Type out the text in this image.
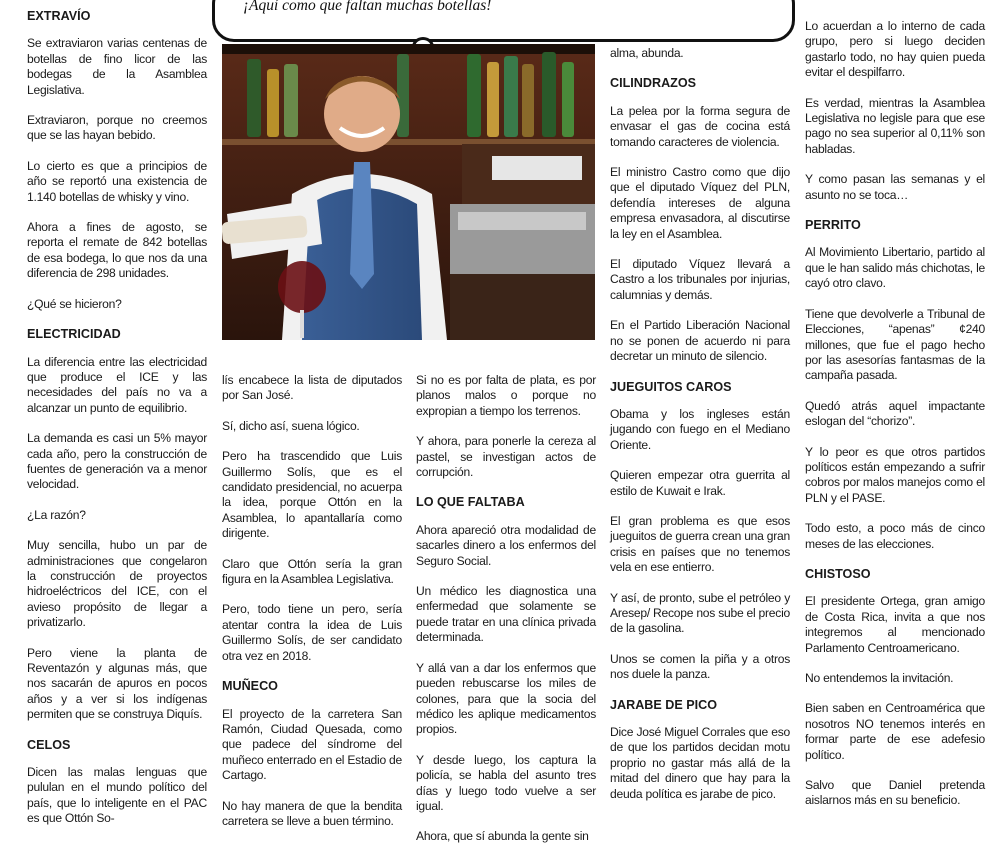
¡Aquí como que faltan muchas botellas!
EXTRAVÍO

Se extraviaron varias centenas de botellas de fino licor de las bodegas de la Asamblea Legislativa.

Extraviaron, porque no creemos que se las hayan bebido.

Lo cierto es que a principios de año se reportó una existencia de 1.140 botellas de whisky y vino.

Ahora a fines de agosto, se reporta el remate de 842 botellas de esa bodega, lo que nos da una diferencia de 298 unidades.

¿Qué se hicieron?

ELECTRICIDAD

La diferencia entre las electricidad que produce el ICE y las necesidades del país no va a alcanzar un punto de equilibrio.

La demanda es casi un 5% mayor cada año, pero la construcción de fuentes de generación va a menor velocidad.

¿La razón?

Muy sencilla, hubo un par de administraciones que congelaron la construcción de proyectos hidroeléctricos del ICE, con el avieso propósito de llegar a privatizarlo.

Pero viene la planta de Reventazón y algunas más, que nos sacarán de apuros en pocos años y a ver si los indígenas permiten que se construya Diquís.

CELOS

Dicen las malas lenguas que pululan en el mundo político del país, que lo inteligente en el PAC es que Ottón So-

lís encabece la lista de diputados por San José.

Sí, dicho así, suena lógico.

Pero ha trascendido que Luis Guillermo Solís, que es el candidato presidencial, no acuerpa la idea, porque Ottón en la Asamblea, lo apantallaría como dirigente.

Claro que Ottón sería la gran figura en la Asamblea Legislativa.

Pero, todo tiene un pero, sería atentar contra la idea de Luis Guillermo Solís, de ser candidato otra vez en 2018.

MUÑECO

El proyecto de la carretera San Ramón, Ciudad Quesada, como que padece del síndrome del muñeco enterrado en el Estadio de Cartago.

No hay manera de que la bendita carretera se lleve a buen término.

Si no es por falta de plata, es por planos malos o porque no expropian a tiempo los terrenos.

Y ahora, para ponerle la cereza al pastel, se investigan actos de corrupción.

LO QUE FALTABA

Ahora apareció otra modalidad de sacarles dinero a los enfermos del Seguro Social.

Un médico les diagnostica una enfermedad que solamente se puede tratar en una clínica privada determinada.

Y allá van a dar los enfermos que pueden rebuscarse los miles de colones, para que la socia del médico les aplique medicamentos propios.

Y desde luego, los captura la policía, se habla del asunto tres días y luego todo vuelve a ser igual.

Ahora, que sí abunda la gente sin

alma, abunda.

CILINDRAZOS

La pelea por la forma segura de envasar el gas de cocina está tomando caracteres de violencia.

El ministro Castro como que dijo que el diputado Víquez del PLN, defendía intereses de alguna empresa envasadora, al discutirse la ley en el Asamblea.

El diputado Víquez llevará a Castro a los tribunales por injurias, calumnias y demás.

En el Partido Liberación Nacional no se ponen de acuerdo ni para decretar un minuto de silencio.

JUEGUITOS CAROS

Obama y los ingleses están jugando con fuego en el Mediano Oriente.

Quieren empezar otra guerrita al estilo de Kuwait e Irak.

El gran problema es que esos jueguitos de guerra crean una gran crisis en países que no tenemos vela en ese entierro.

Y así, de pronto, sube el petróleo y Aresep/ Recope nos sube el precio de la gasolina.

Unos se comen la piña y a otros nos duele la panza.

JARABE DE PICO

Dice José Miguel Corrales que eso de que los partidos decidan motu proprio no gastar más allá de la mitad del dinero que hay para la deuda política es jarabe de pico.

Lo acuerdan a lo interno de cada grupo, pero si luego deciden gastarlo todo, no hay quien pueda evitar el despilfarro.

Es verdad, mientras la Asamblea Legislativa no legisle para que ese pago no sea superior al 0,11% son habladas.

Y como pasan las semanas y el asunto no se toca…

PERRITO

Al Movimiento Libertario, partido al que le han salido más chichotas, le cayó otro clavo.

Tiene que devolverle a Tribunal de Elecciones, “apenas” ¢240 millones, que fue el pago hecho por las asesorías fantasmas de la campaña pasada.

Quedó atrás aquel impactante eslogan del “chorizo”.

Y lo peor es que otros partidos políticos están empezando a sufrir cobros por malos manejos como el PLN y el PASE.

Todo esto, a poco más de cinco meses de las elecciones.

CHISTOSO

El presidente Ortega, gran amigo de Costa Rica, invita a que nos integremos al mencionado Parlamento Centroamericano.

No entendemos la invitación.

Bien saben en Centroamérica que nosotros NO tenemos interés en formar parte de ese adefesio político.

Salvo que Daniel pretenda aislarnos más en su beneficio.
